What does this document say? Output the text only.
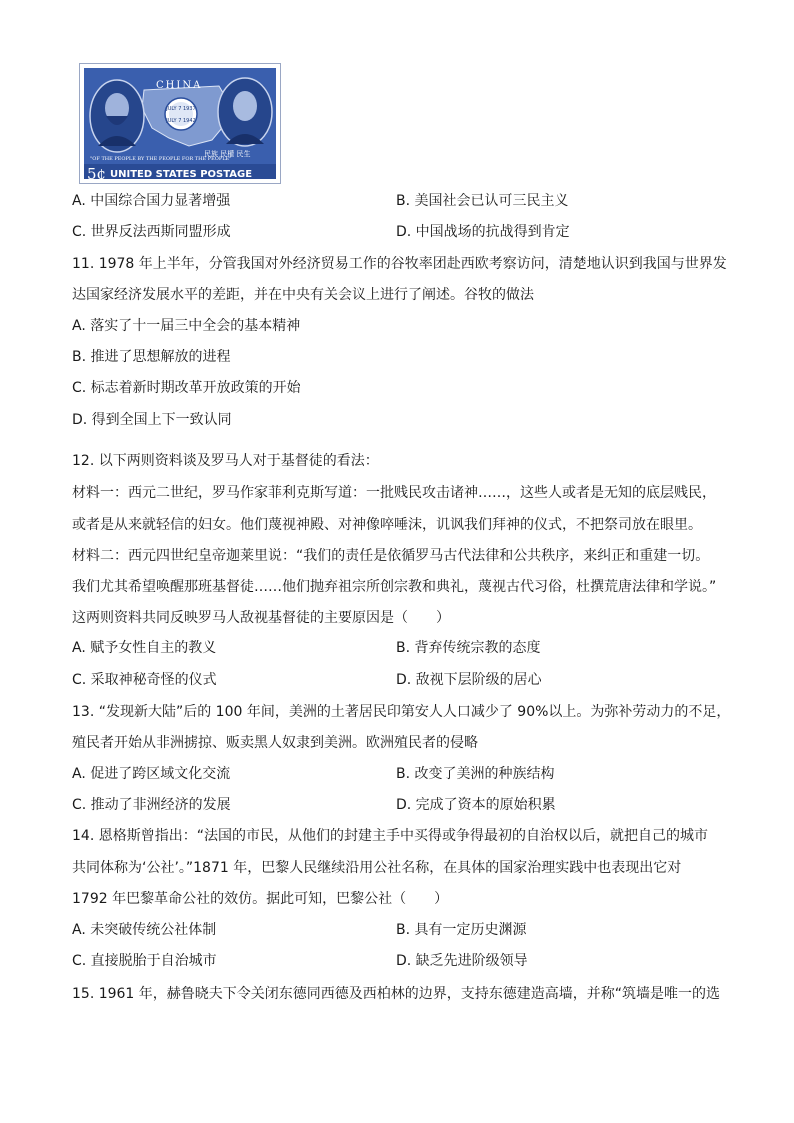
CHINA
JULY 7 1937
JULY 7 1942
"OF THE PEOPLE BY THE PEOPLE FOR THE PEOPLE"
5¢ UNITED STATES POSTAGE
民族 民權 民生
A. 中国综合国力显著增强	B. 美国社会已认可三民主义
C. 世界反法西斯同盟形成	D. 中国战场的抗战得到肯定
11. 1978 年上半年，分管我国对外经济贸易工作的谷牧率团赴西欧考察访问，清楚地认识到我国与世界发
达国家经济发展水平的差距，并在中央有关会议上进行了阐述。谷牧的做法
A. 落实了十一届三中全会的基本精神
B. 推进了思想解放的进程
C. 标志着新时期改革开放政策的开始
D. 得到全国上下一致认同
12. 以下两则资料谈及罗马人对于基督徒的看法：
材料一：西元二世纪，罗马作家菲利克斯写道：一批贱民攻击诸神……，这些人或者是无知的底层贱民，
或者是从来就轻信的妇女。他们蔑视神殿、对神像啐唾沫，讥讽我们拜神的仪式，不把祭司放在眼里。
材料二：西元四世纪皇帝迦莱里说：“我们的责任是依循罗马古代法律和公共秩序，来纠正和重建一切。
我们尤其希望唤醒那班基督徒……他们抛弃祖宗所创宗教和典礼，蔑视古代习俗，杜撰荒唐法律和学说。”
这两则资料共同反映罗马人敌视基督徒的主要原因是（　　）
A. 赋予女性自主的教义	B. 背弃传统宗教的态度
C. 采取神秘奇怪的仪式	D. 敌视下层阶级的居心
13. “发现新大陆”后的 100 年间，美洲的土著居民印第安人人口减少了 90%以上。为弥补劳动力的不足，
殖民者开始从非洲掳掠、贩卖黑人奴隶到美洲。欧洲殖民者的侵略
A. 促进了跨区域文化交流	B. 改变了美洲的种族结构
C. 推动了非洲经济的发展	D. 完成了资本的原始积累
14. 恩格斯曾指出：“法国的市民，从他们的封建主手中买得或争得最初的自治权以后，就把自己的城市
共同体称为‘公社’。”1871 年，巴黎人民继续沿用公社名称，在具体的国家治理实践中也表现出它对
1792 年巴黎革命公社的效仿。据此可知，巴黎公社（　　）
A. 未突破传统公社体制	B. 具有一定历史渊源
C. 直接脱胎于自治城市	D. 缺乏先进阶级领导
15. 1961 年，赫鲁晓夫下令关闭东德同西德及西柏林的边界，支持东德建造高墙，并称“筑墙是唯一的选
